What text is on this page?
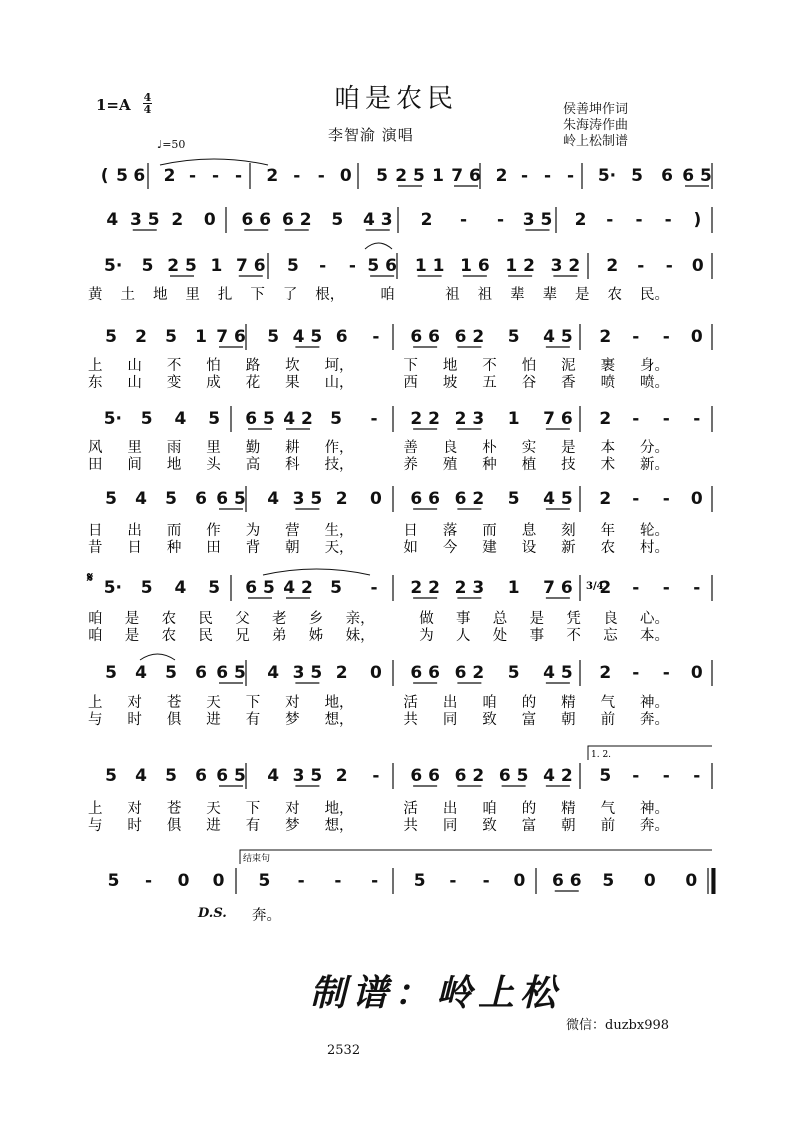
咱是农民
1=A 4
4
李智渝 演唱
侯善坤作词
朱海涛作曲
岭上松制谱
♩=50
( 5 6 2 - - - 2 - - 0 5 2 5 1 7 6 2 - - - 5· 5 6 6 5
4 3 5 2 0 6 6 6 2 5 4 3 2 - - 3 5 2 - - - )
5· 5 2 5 1 7 6 5 - - 5 6 1 1 1 6 1 2 3 2 2 - - 0
5 2 5 1 7 6 5 4 5 6 - 6 6 6 2 5 4 5 2 - - 0
5· 5 4 5 6 5 4 2 5 - 2 2 2 3 1 7 6 2 - - -
5 4 5 6 6 5 4 3 5 2 0 6 6 6 2 5 4 5 2 - - 0
5· 5 4 5 6 5 4 2 5 - 2 2 2 3 1 7 6 2 - - -
5 4 5 6 6 5 4 3 5 2 0 6 6 6 2 5 4 5 2 - - 0
5 4 5 6 6 5 4 3 5 2 - 6 6 6 2 6 5 4 2 5 - - -
5 - 0 0 5 - - - 5 - - 0 6 6 5 0 0
黄 土 地 里 扎 下 了 根， 咱	祖 祖 辈 辈 是 农 民。
上 山 不 怕 路 坎 坷，	下 地 不 怕 泥 裹 身。
东 山 变 成 花 果 山，	西 坡 五 谷 香 喷 喷。
风 里 雨 里 勤 耕 作，	善 良 朴 实 是 本 分。
田 间 地 头 高 科 技，	养 殖 种 植 技 术 新。
日 出 而 作 为 营 生，	日 落 而 息 刻 年 轮。
昔 日 种 田 背 朝 天，	如 今 建 设 新 农 村。
咱 是 农 民 父 老 乡 亲，	做 事 总 是 凭 良 心。
咱 是 农 民 兄 弟 姊 妹，	为 人 处 事 不 忘 本。
上 对 苍 天 下 对 地，	活 出 咱 的 精 气 神。
与 时 俱 进 有 梦 想，	共 同 致 富 朝 前 奔。
上 对 苍 天 下 对 地，	活 出 咱 的 精 气 神。
与 时 俱 进 有 梦 想，	共 同 致 富 朝 前 奔。
奔。
𝄋
1. 2.
结束句
3/4
D.S.
制谱：岭上松
微信：duzbx998
2532
